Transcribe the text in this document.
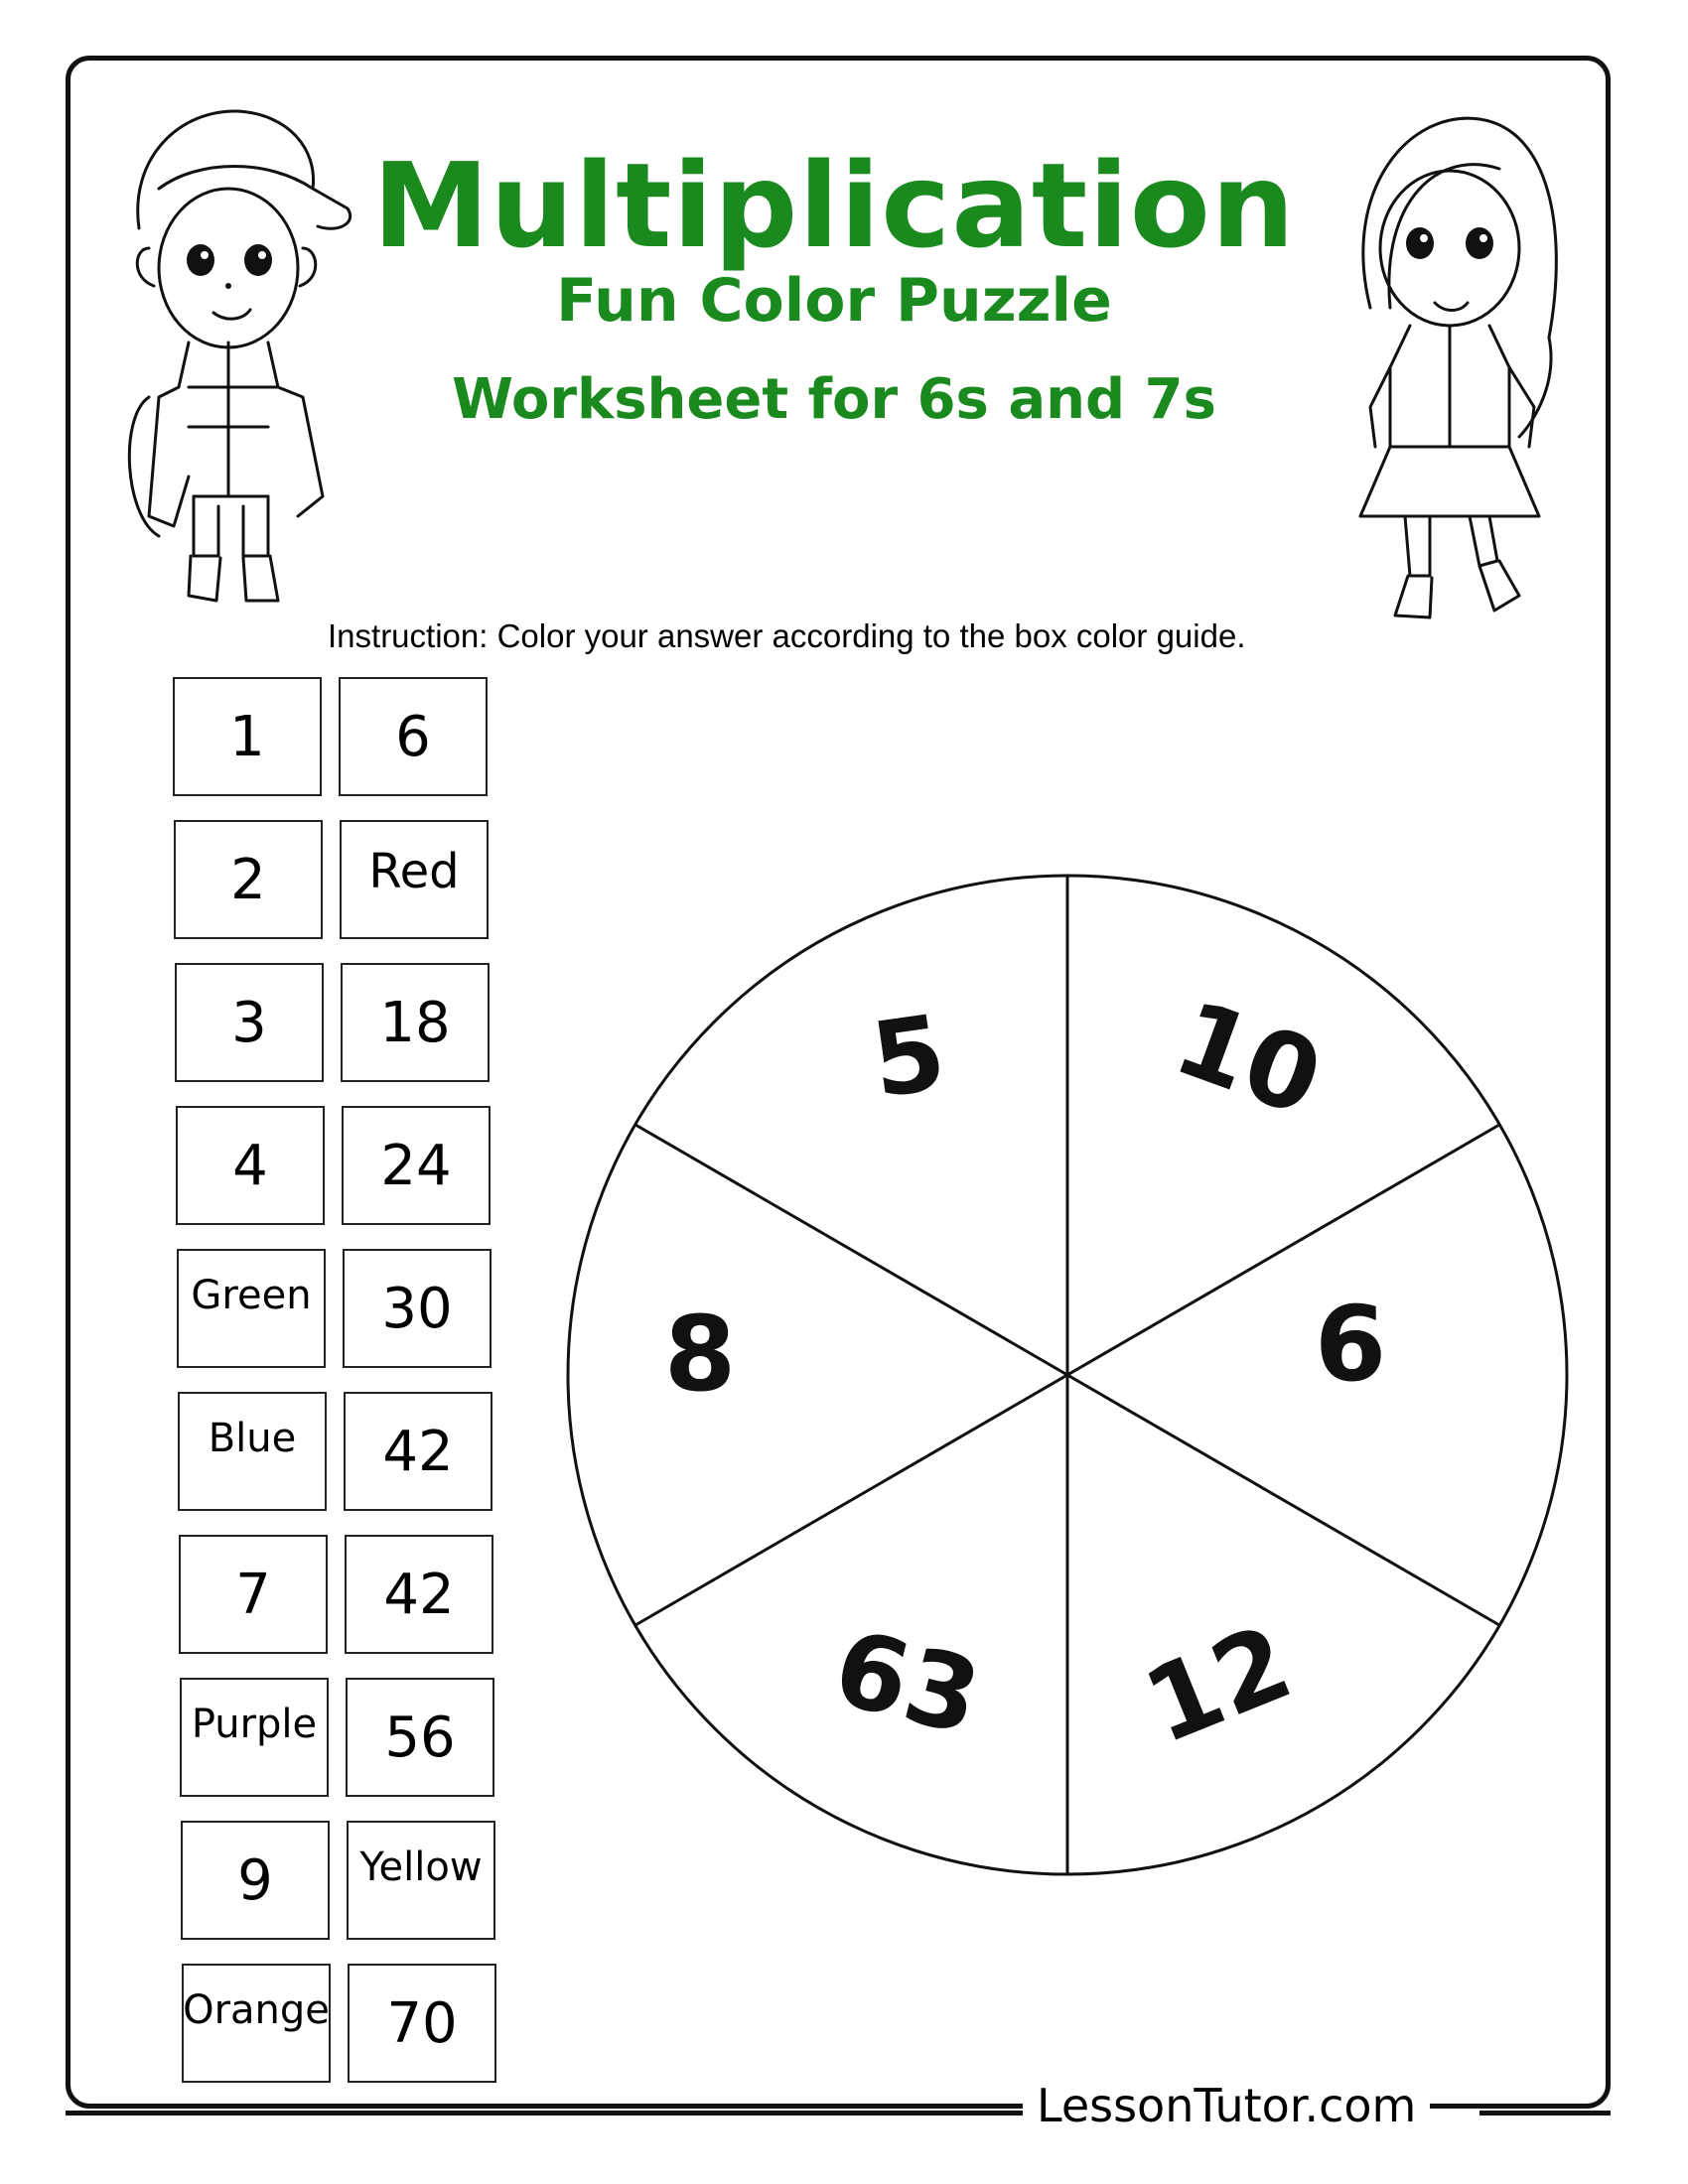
Multiplication
Fun Color Puzzle
Worksheet for 6s and 7s
Instruction: Color your answer according to the box color guide.
1	6
2	Red
3	18
4	24
Green	30
Blue	42
7	42
Purple	56
9	Yellow
Orange	70
5 10
6
12
63
8
LessonTutor.com
